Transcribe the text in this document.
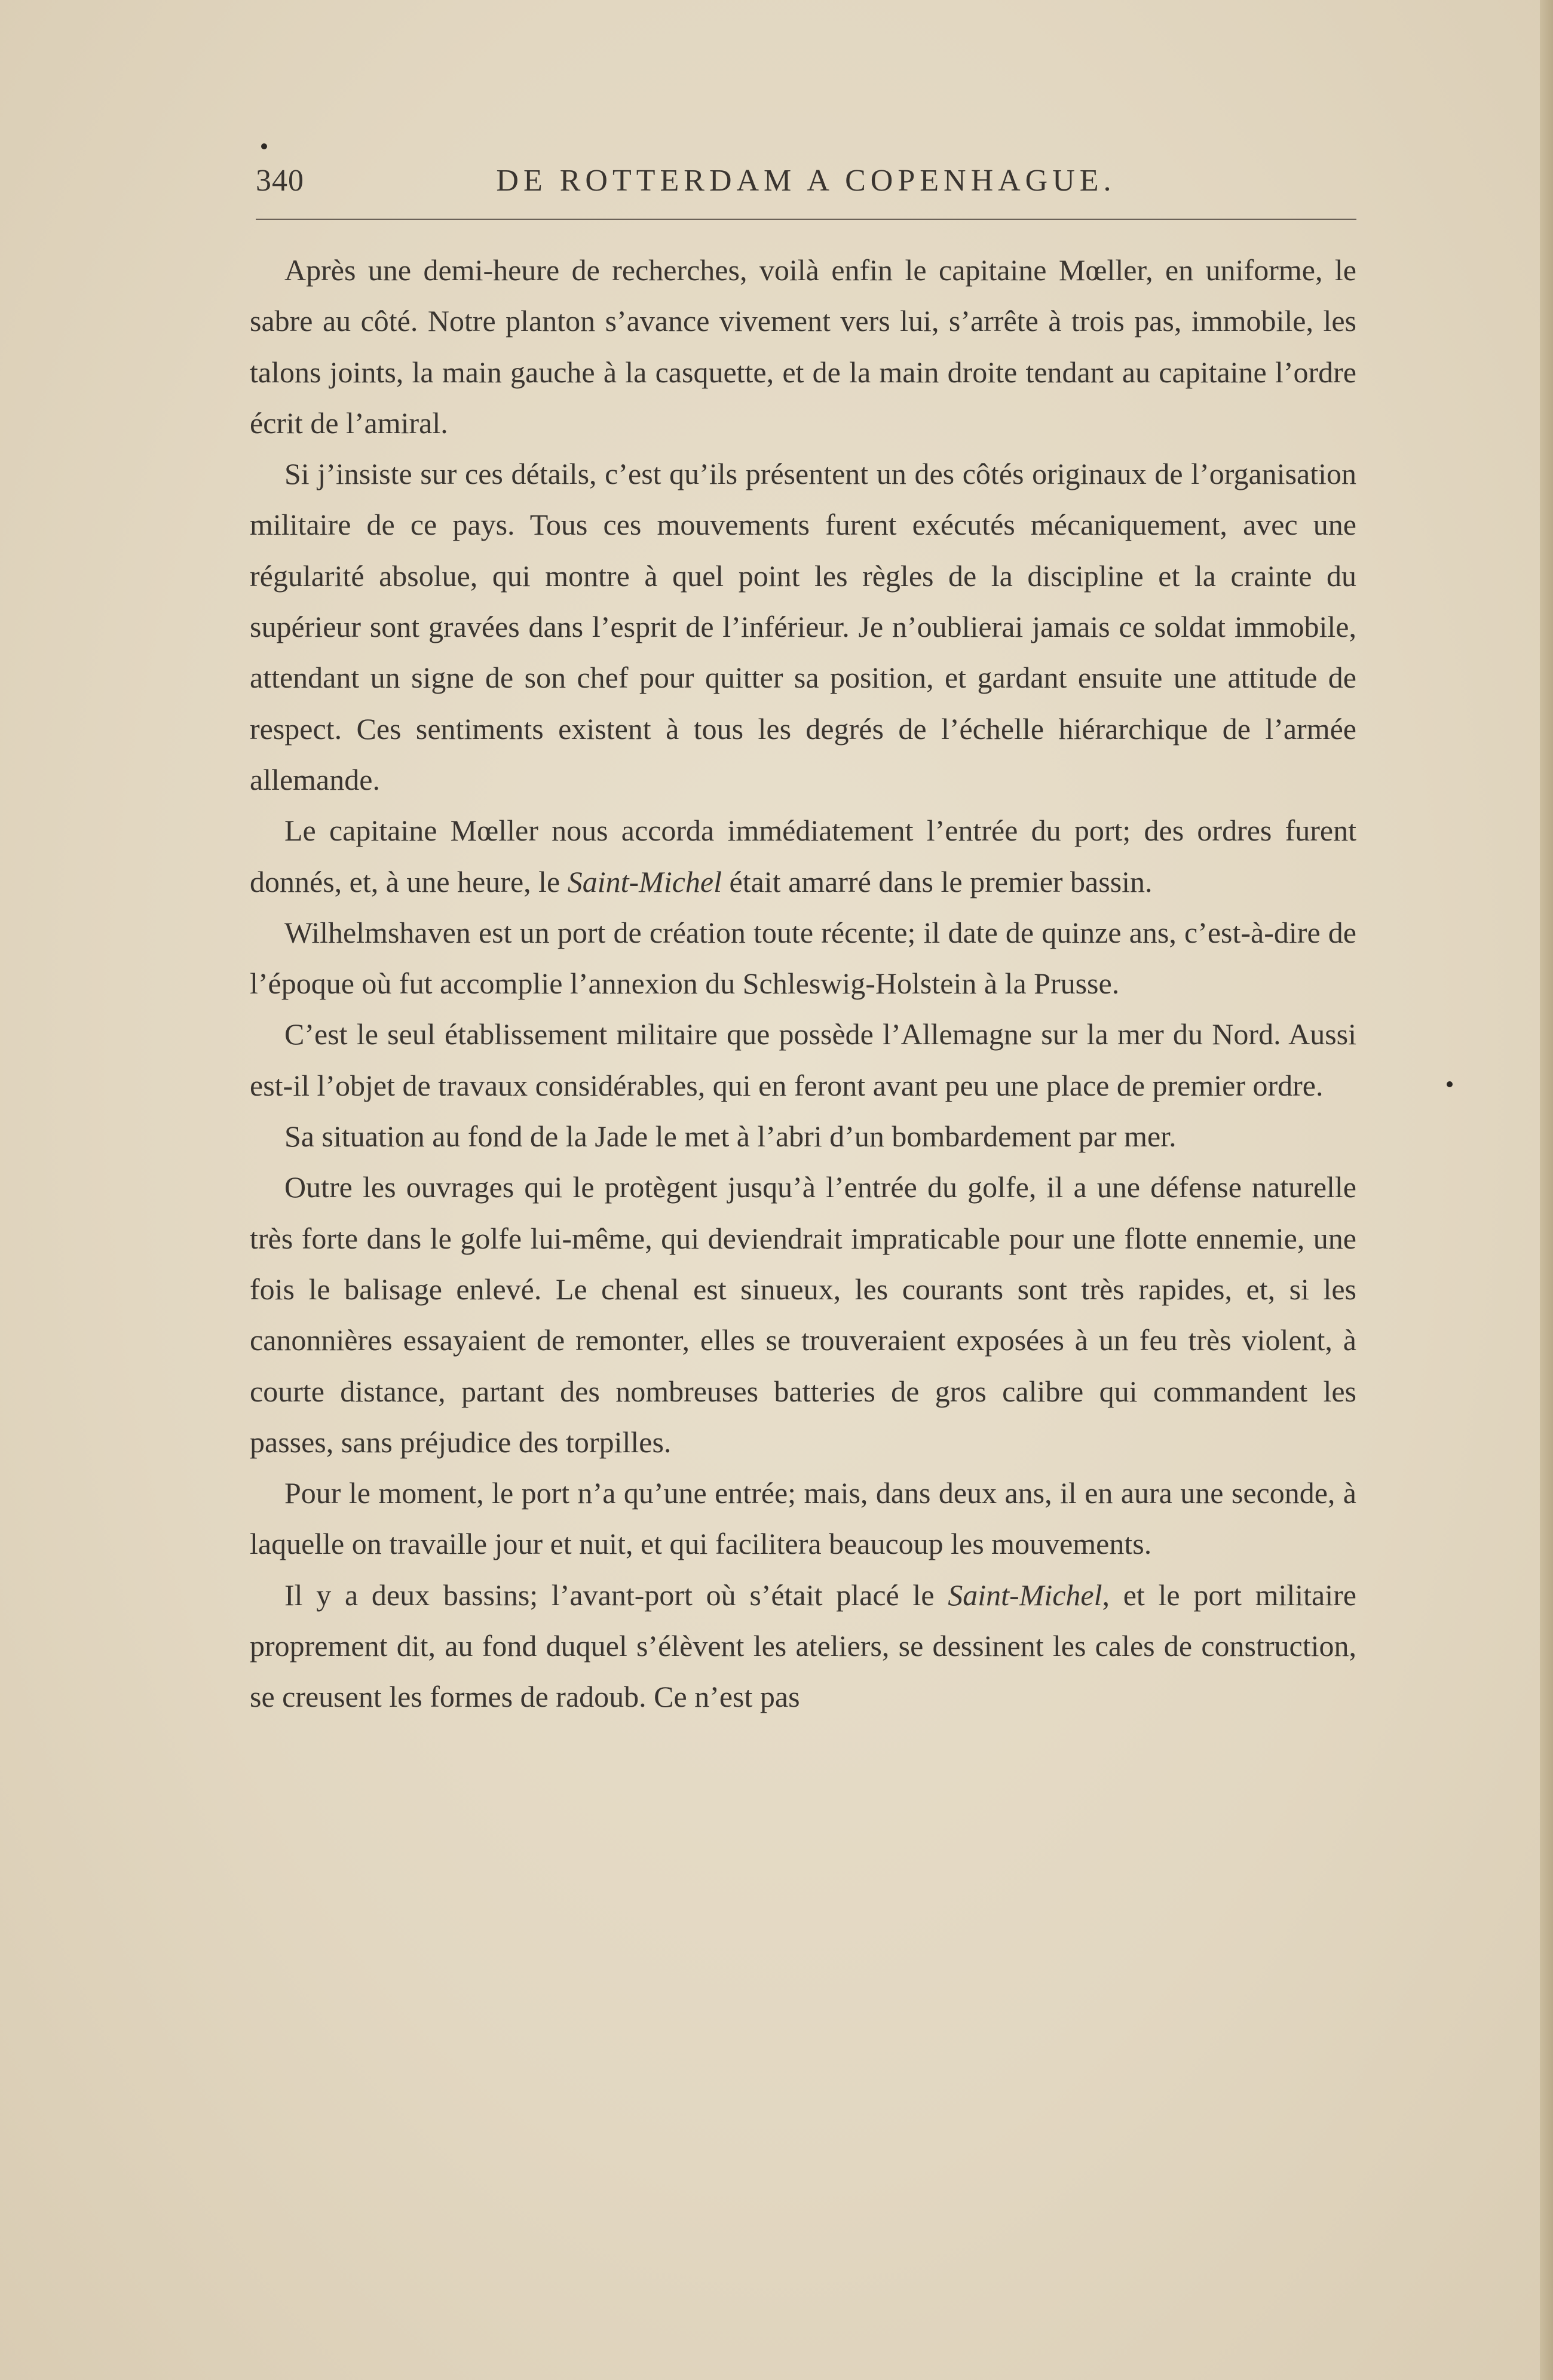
340	DE ROTTERDAM A COPENHAGUE.

Après une demi-heure de recherches, voilà enfin le capitaine Mœller, en uniforme, le sabre au côté. Notre planton s’avance vivement vers lui, s’arrête à trois pas, immobile, les talons joints, la main gauche à la casquette, et de la main droite tendant au capitaine l’ordre écrit de l’amiral.

Si j’insiste sur ces détails, c’est qu’ils présentent un des côtés originaux de l’organisation militaire de ce pays. Tous ces mouvements furent exécutés mécaniquement, avec une régularité absolue, qui montre à quel point les règles de la discipline et la crainte du supérieur sont gravées dans l’esprit de l’inférieur. Je n’oublierai jamais ce soldat immobile, attendant un signe de son chef pour quitter sa position, et gardant ensuite une attitude de respect. Ces sentiments existent à tous les degrés de l’échelle hiérarchique de l’armée allemande.

Le capitaine Mœller nous accorda immédiatement l’entrée du port; des ordres furent donnés, et, à une heure, le Saint-Michel était amarré dans le premier bassin.

Wilhelmshaven est un port de création toute récente; il date de quinze ans, c’est-à-dire de l’époque où fut accomplie l’annexion du Schleswig-Holstein à la Prusse.

C’est le seul établissement militaire que possède l’Allemagne sur la mer du Nord. Aussi est-il l’objet de travaux considérables, qui en feront avant peu une place de premier ordre.

Sa situation au fond de la Jade le met à l’abri d’un bombardement par mer.

Outre les ouvrages qui le protègent jusqu’à l’entrée du golfe, il a une défense naturelle très forte dans le golfe lui-même, qui deviendrait impraticable pour une flotte ennemie, une fois le balisage enlevé. Le chenal est sinueux, les courants sont très rapides, et, si les canonnières essayaient de remonter, elles se trouveraient exposées à un feu très violent, à courte distance, partant des nombreuses batteries de gros calibre qui commandent les passes, sans préjudice des torpilles.

Pour le moment, le port n’a qu’une entrée; mais, dans deux ans, il en aura une seconde, à laquelle on travaille jour et nuit, et qui facilitera beaucoup les mouvements.

Il y a deux bassins; l’avant-port où s’était placé le Saint-Michel, et le port militaire proprement dit, au fond duquel s’élèvent les ateliers, se dessinent les cales de construction, se creusent les formes de radoub. Ce n’est pas
